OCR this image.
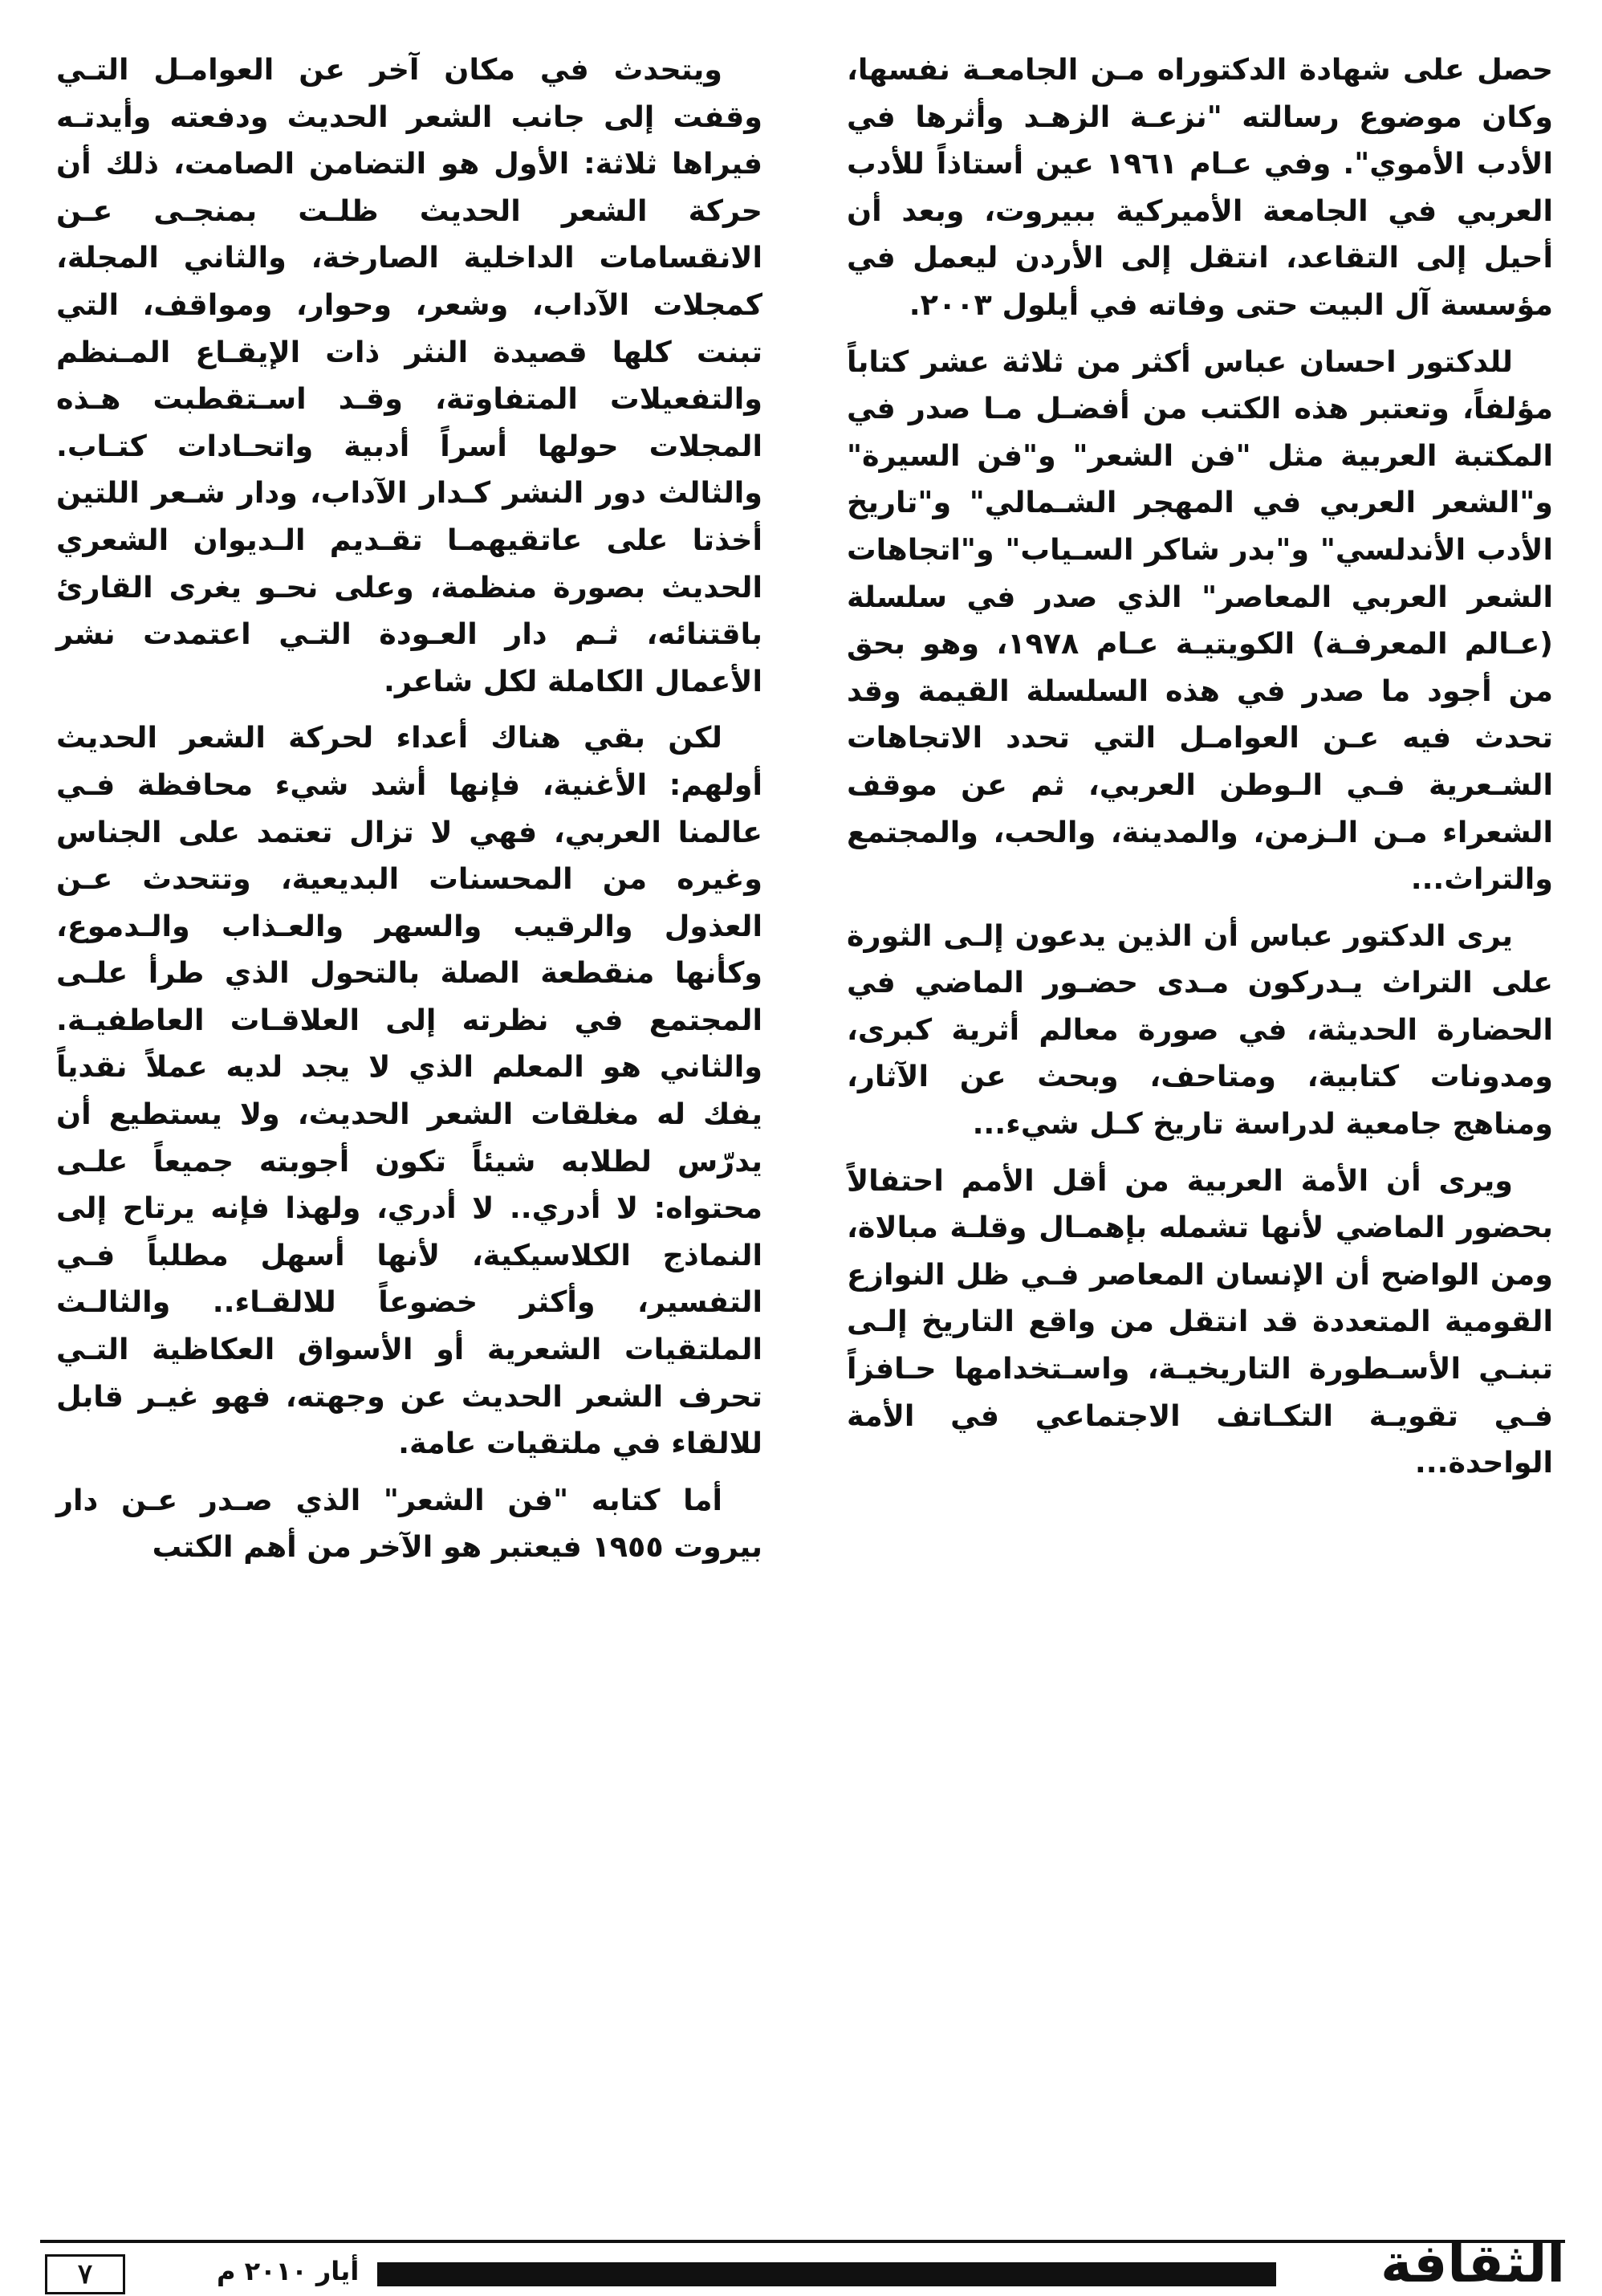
حصل على شهادة الدكتوراه مـن الجامعـة نفسها، وكان موضوع رسالته "نزعـة الزهـد وأثرها في الأدب الأموي". وفي عـام ١٩٦١ عين أستاذاً للأدب العربي في الجامعة الأميركية ببيروت، وبعد أن أحيل إلى التقاعد، انتقل إلى الأردن ليعمل في مؤسسة آل البيت حتى وفاته في أيلول ٢٠٠٣.

للدكتور احسان عباس أكثر من ثلاثة عشر كتاباً مؤلفاً، وتعتبر هذه الكتب من أفضـل مـا صدر في المكتبة العربية مثل "فن الشعر" و"فن السيرة" و"الشعر العربي في المهجر الشـمالي" و"تاريخ الأدب الأندلسي" و"بدر شاكر السـياب" و"اتجاهات الشعر العربي المعاصر" الذي صدر في سلسلة (عـالم المعرفـة) الكويتيـة عـام ١٩٧٨، وهو بحق من أجود ما صدر في هذه السلسلة القيمة وقد تحدث فيه عـن العوامـل التي تحدد الاتجاهات الشـعرية فـي الـوطن العربي، ثم عن موقف الشعراء مـن الـزمن، والمدينة، والحب، والمجتمع والتراث...

يرى الدكتور عباس أن الذين يدعون إلـى الثورة على التراث يـدركون مـدى حضـور الماضي في الحضارة الحديثة، في صورة معالم أثرية كبرى، ومدونات كتابية، ومتاحف، وبحث عن الآثار، ومناهج جامعية لدراسة تاريخ كـل شيء...

ويرى أن الأمة العربية من أقل الأمم احتفالاً بحضور الماضي لأنها تشمله بإهمـال وقلـة مبالاة، ومن الواضح أن الإنسان المعاصر فـي ظل النوازع القومية المتعددة قد انتقل من واقع التاريخ إلـى تبنـي الأسـطورة التاريخيـة، واسـتخدامها حـافزاً فـي تقويـة التكـاتف الاجتماعي في الأمة الواحدة...

ويتحدث في مكان آخر عن العوامـل التـي وقفت إلى جانب الشعر الحديث ودفعته وأيدتـه فيراها ثلاثة: الأول هو التضامن الصامت، ذلك أن حركة الشعر الحديث ظلـت بمنجـى عـن الانقسامات الداخلية الصارخة، والثاني المجلة، كمجلات الآداب، وشعر، وحوار، ومواقف، التي تبنت كلها قصيدة النثر ذات الإيقـاع المـنظم والتفعيلات المتفاوتة، وقـد اسـتقطبت هـذه المجلات حولها أسراً أدبية واتحـادات كتـاب. والثالث دور النشر كـدار الآداب، ودار شـعر اللتين أخذتا على عاتقيهمـا تقـديم الـديوان الشعري الحديث بصورة منظمة، وعلى نحـو يغرى القارئ باقتنائه، ثـم دار العـودة التـي اعتمدت نشر الأعمال الكاملة لكل شاعر.

لكن بقي هناك أعداء لحركة الشعر الحديث أولهم: الأغنية، فإنها أشد شيء محافظة فـي عالمنا العربي، فهي لا تزال تعتمد على الجناس وغيره من المحسنات البديعية، وتتحدث عـن العذول والرقيب والسهر والعـذاب والـدموع، وكأنها منقطعة الصلة بالتحول الذي طرأ علـى المجتمع في نظرته إلى العلاقـات العاطفيـة. والثاني هو المعلم الذي لا يجد لديه عملاً نقدياً يفك له مغلقات الشعر الحديث، ولا يستطيع أن يدرّس لطلابه شيئاً تكون أجوبته جميعاً علـى محتواه: لا أدري.. لا أدري، ولهذا فإنه يرتاح إلى النماذج الكلاسيكية، لأنها أسهل مطلباً فـي التفسير، وأكثر خضوعاً للالقـاء.. والثالـث الملتقيات الشعرية أو الأسواق العكاظية التـي تحرف الشعر الحديث عن وجهته، فهو غيـر قابل للالقاء في ملتقيات عامة.

أما كتابه "فن الشعر" الذي صـدر عـن دار بيروت ١٩٥٥ فيعتبر هو الآخر من أهم الكتب

٧	أيار ٢٠١٠ م	الثقافة
